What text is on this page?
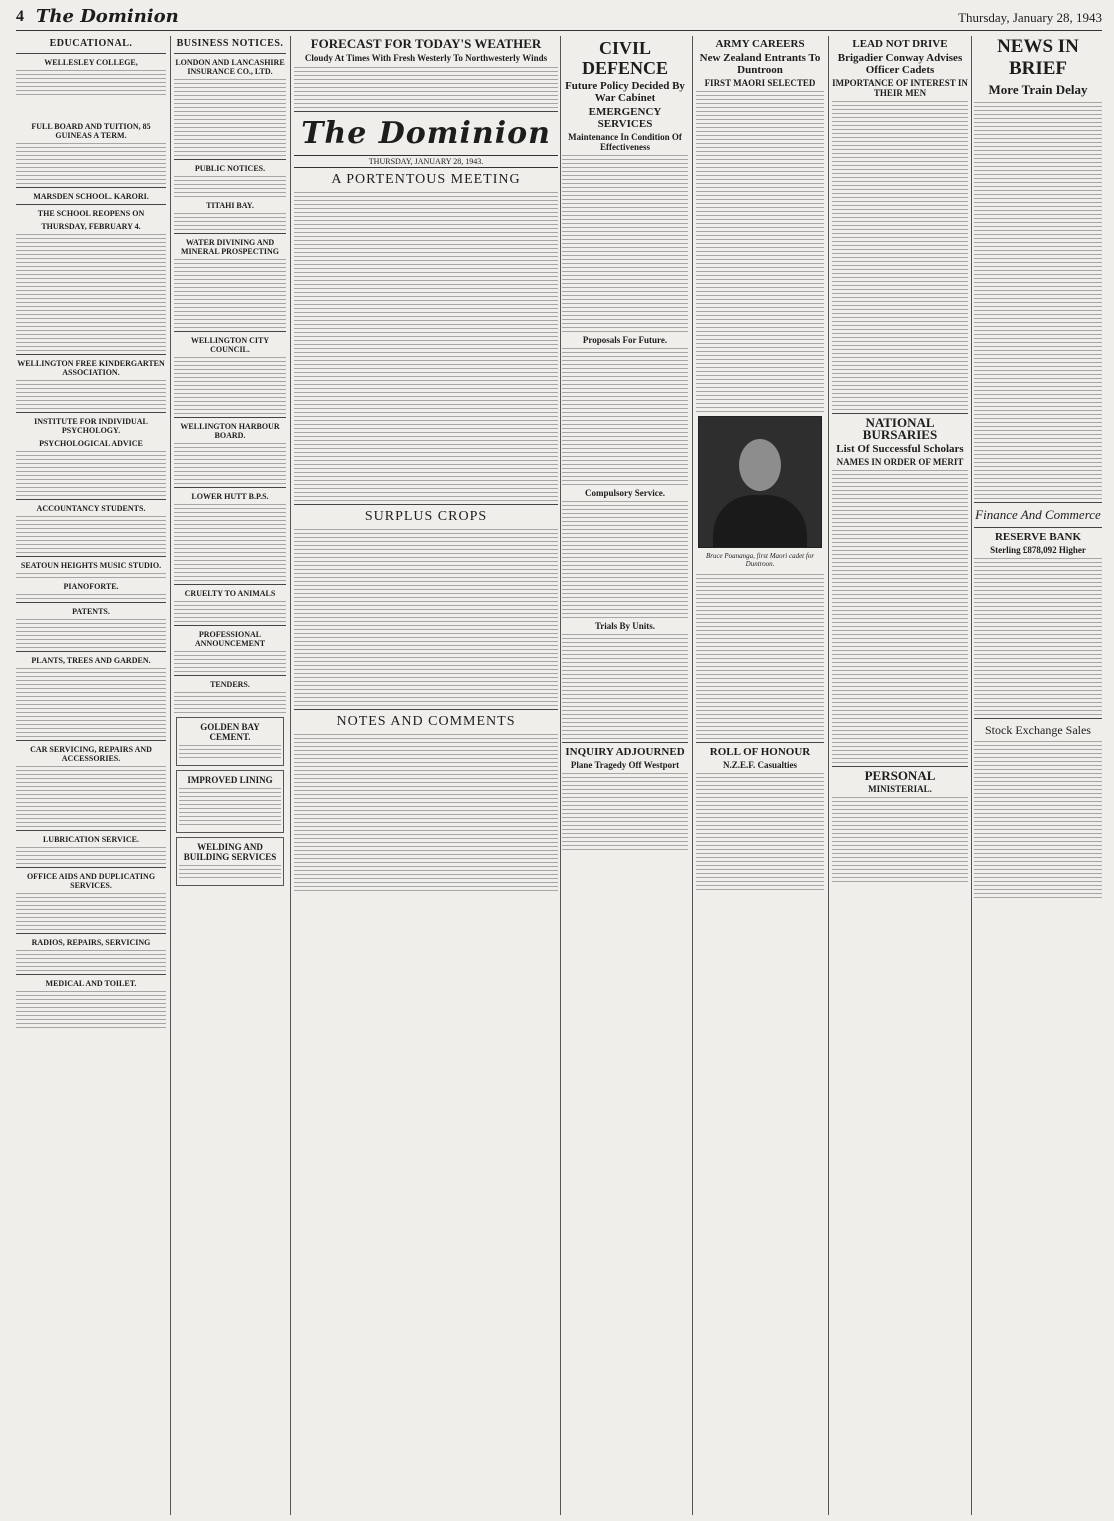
4 The Dominion	Thursday, January 28, 1943
EDUCATIONAL.
WELLESLEY COLLEGE,
FULL BOARD AND TUITION, 85 GUINEAS A TERM.
MARSDEN SCHOOL. KARORI.
THE SCHOOL REOPENS ON
THURSDAY, FEBRUARY 4.
WELLINGTON FREE KINDERGARTEN ASSOCIATION.
INSTITUTE FOR INDIVIDUAL PSYCHOLOGY.
PSYCHOLOGICAL ADVICE
ACCOUNTANCY STUDENTS.
SEATOUN HEIGHTS MUSIC STUDIO.
PIANOFORTE.
PATENTS.
PLANTS, TREES AND GARDEN.
CAR SERVICING, REPAIRS AND ACCESSORIES.
LUBRICATION SERVICE.
OFFICE AIDS AND DUPLICATING SERVICES.
RADIOS, REPAIRS, SERVICING
MEDICAL AND TOILET.
BUSINESS NOTICES.
LONDON AND LANCASHIRE INSURANCE CO., LTD.
PUBLIC NOTICES.
TITAHI BAY.
WATER DIVINING AND MINERAL PROSPECTING
WELLINGTON CITY COUNCIL.
WELLINGTON HARBOUR BOARD.
LOWER HUTT B.P.S.
CRUELTY TO ANIMALS
PROFESSIONAL ANNOUNCEMENT
TENDERS.
GOLDEN BAY CEMENT.
IMPROVED LINING
WELDING AND BUILDING SERVICES
FORECAST FOR TODAY'S WEATHER
Cloudy At Times With Fresh Westerly To Northwesterly Winds
The Dominion
THURSDAY, JANUARY 28, 1943.
A PORTENTOUS MEETING
SURPLUS CROPS
NOTES AND COMMENTS
CIVIL DEFENCE
Future Policy Decided By War Cabinet
EMERGENCY SERVICES
Maintenance In Condition Of Effectiveness
Proposals For Future.
Compulsory Service.
Trials By Units.
INQUIRY ADJOURNED
Plane Tragedy Off Westport
ARMY CAREERS
New Zealand Entrants To Duntroon
FIRST MAORI SELECTED
Bruce Poananga, first Maori cadet for Duntroon.
ROLL OF HONOUR
N.Z.E.F. Casualties
LEAD NOT DRIVE
Brigadier Conway Advises Officer Cadets
IMPORTANCE OF INTEREST IN THEIR MEN
NATIONAL BURSARIES
List Of Successful Scholars
NAMES IN ORDER OF MERIT
PERSONAL
MINISTERIAL.
NEWS IN BRIEF
More Train Delay
Finance And Commerce
RESERVE BANK
Sterling £878,092 Higher
Stock Exchange Sales
